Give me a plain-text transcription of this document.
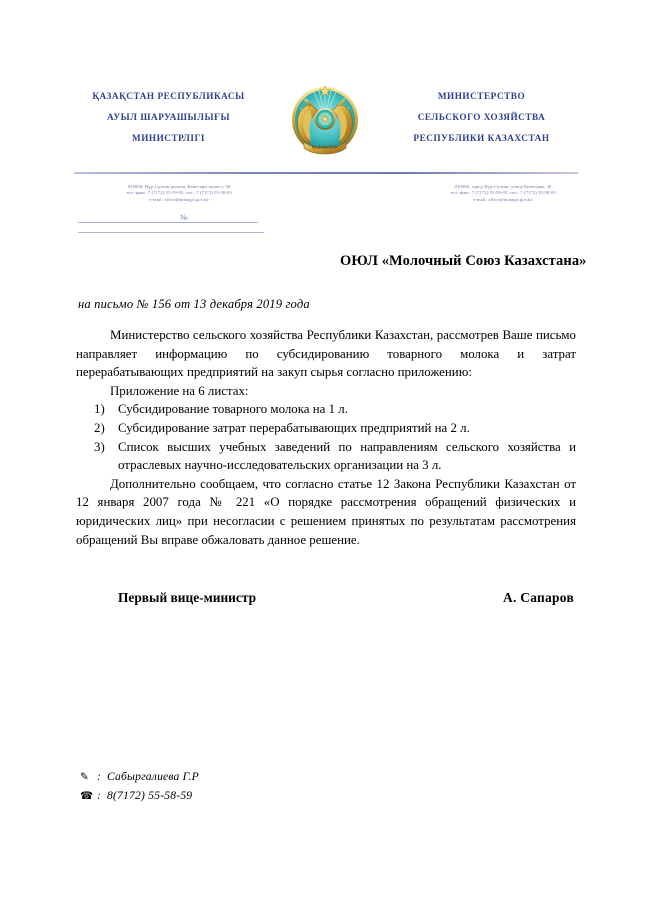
ҚАЗАҚСТАН РЕСПУБЛИКАСЫ
АУЫЛ ШАРУАШЫЛЫҒЫ
МИНИСТРЛІГІ
ҚАЗАҚСТАН
МИНИСТЕРСТВО
СЕЛЬСКОГО ХОЗЯЙСТВА
РЕСПУБЛИКИ КАЗАХСТАН
010000; Нұр-Сұлтан қаласы, Кенесары көшесі, 36
тел.-факс: 7 (7172) 55-59-95, тел.: 7 (7172) 55-58-03
e-mail: office@minagri.gov.kz
010000; город Нур-Султан, улица Кенесары, 36
тел.-факс: 7 (7172) 55-59-95, тел.: 7 (7172) 55-58-03
e-mail: office@minagri.gov.kz
№
ОЮЛ «Молочный Союз Казахстана»
на письмо № 156 от 13 декабря 2019 года

Министерство сельского хозяйства Республики Казахстан, рассмотрев Ваше письмо направляет информацию по субсидированию товарного молока и затрат перерабатывающих предприятий на закуп сырья согласно приложению:

Приложение на 6 листах:

1) Субсидирование товарного молока на 1 л.
2) Субсидирование затрат перерабатывающих предприятий на 2 л.
3) Список высших учебных заведений по направлениям сельского хозяйства и отраслевых научно-исследовательских организации на 3 л.

Дополнительно сообщаем, что согласно статье 12 Закона Республики Казахстан от 12 января 2007 года № 221 «О порядке рассмотрения обращений физических и юридических лиц» при несогласии с решением принятых по результатам рассмотрения обращений Вы вправе обжаловать данное решение.

Первый вице-министр	А. Сапаров
✎ : Сабыргалиева Г.Р
☎ : 8(7172) 55-58-59
